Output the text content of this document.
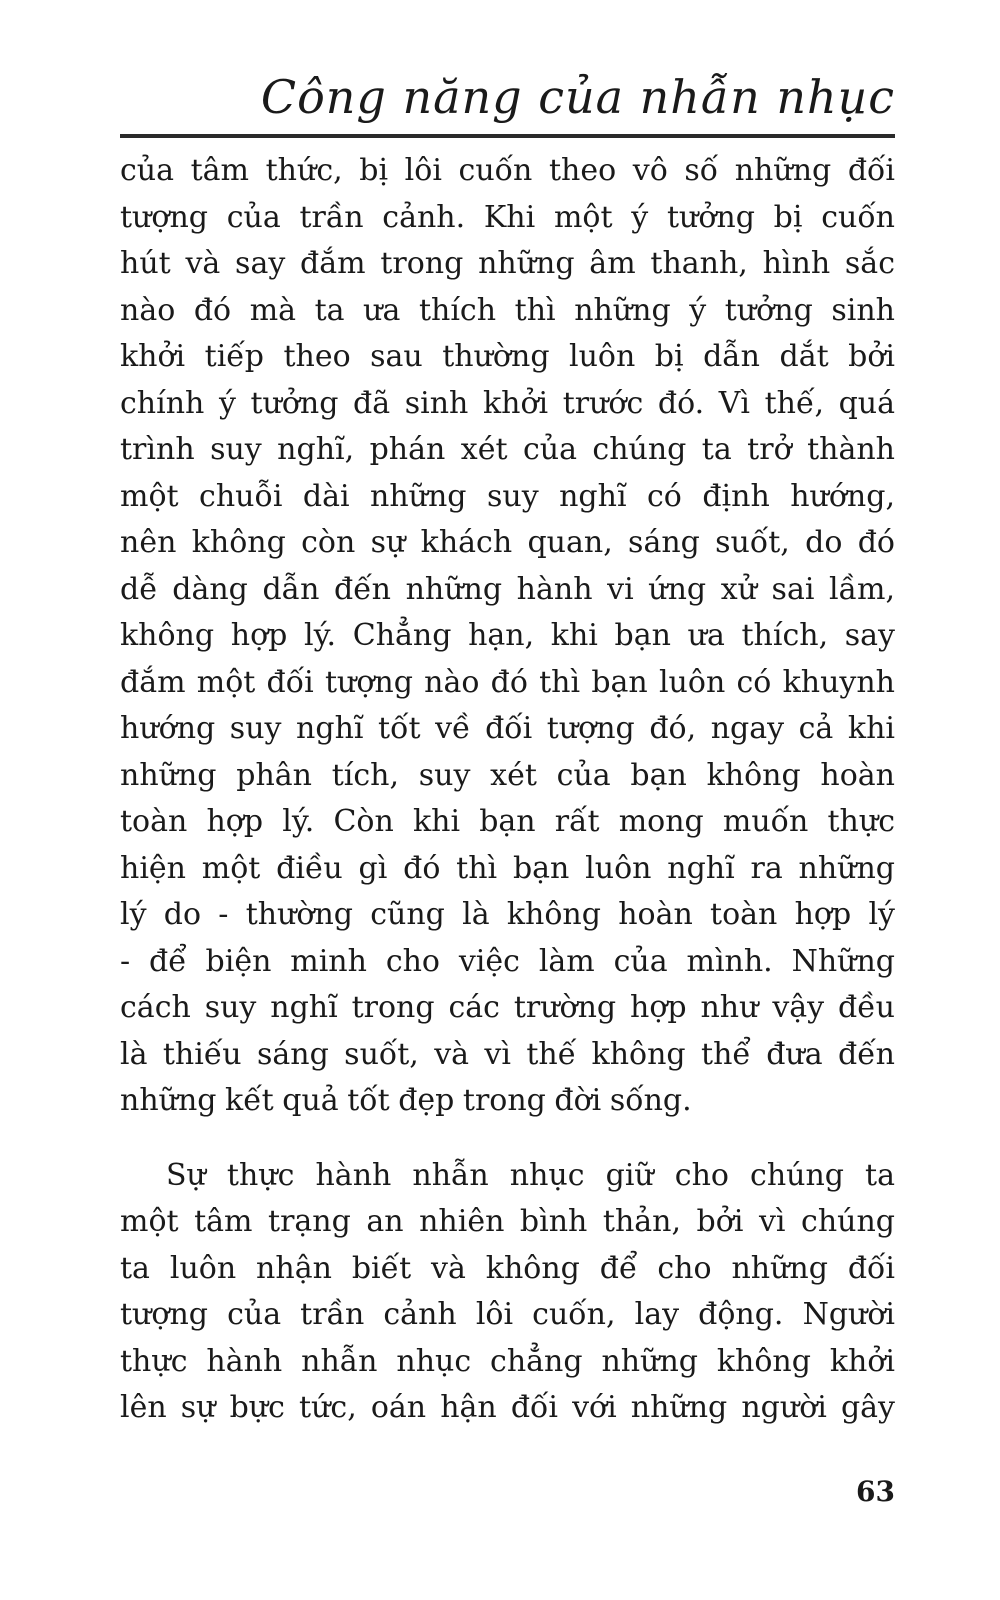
Công năng của nhẫn nhục
của tâm thức, bị lôi cuốn theo vô số những đối
tượng của trần cảnh. Khi một ý tưởng bị cuốn
hút và say đắm trong những âm thanh, hình sắc
nào đó mà ta ưa thích thì những ý tưởng sinh
khởi tiếp theo sau thường luôn bị dẫn dắt bởi
chính ý tưởng đã sinh khởi trước đó. Vì thế, quá
trình suy nghĩ, phán xét của chúng ta trở thành
một chuỗi dài những suy nghĩ có định hướng,
nên không còn sự khách quan, sáng suốt, do đó
dễ dàng dẫn đến những hành vi ứng xử sai lầm,
không hợp lý. Chẳng hạn, khi bạn ưa thích, say
đắm một đối tượng nào đó thì bạn luôn có khuynh
hướng suy nghĩ tốt về đối tượng đó, ngay cả khi
những phân tích, suy xét của bạn không hoàn
toàn hợp lý. Còn khi bạn rất mong muốn thực
hiện một điều gì đó thì bạn luôn nghĩ ra những
lý do - thường cũng là không hoàn toàn hợp lý
- để biện minh cho việc làm của mình. Những
cách suy nghĩ trong các trường hợp như vậy đều
là thiếu sáng suốt, và vì thế không thể đưa đến
những kết quả tốt đẹp trong đời sống.
Sự thực hành nhẫn nhục giữ cho chúng ta
một tâm trạng an nhiên bình thản, bởi vì chúng
ta luôn nhận biết và không để cho những đối
tượng của trần cảnh lôi cuốn, lay động. Người
thực hành nhẫn nhục chẳng những không khởi
lên sự bực tức, oán hận đối với những người gây
63
